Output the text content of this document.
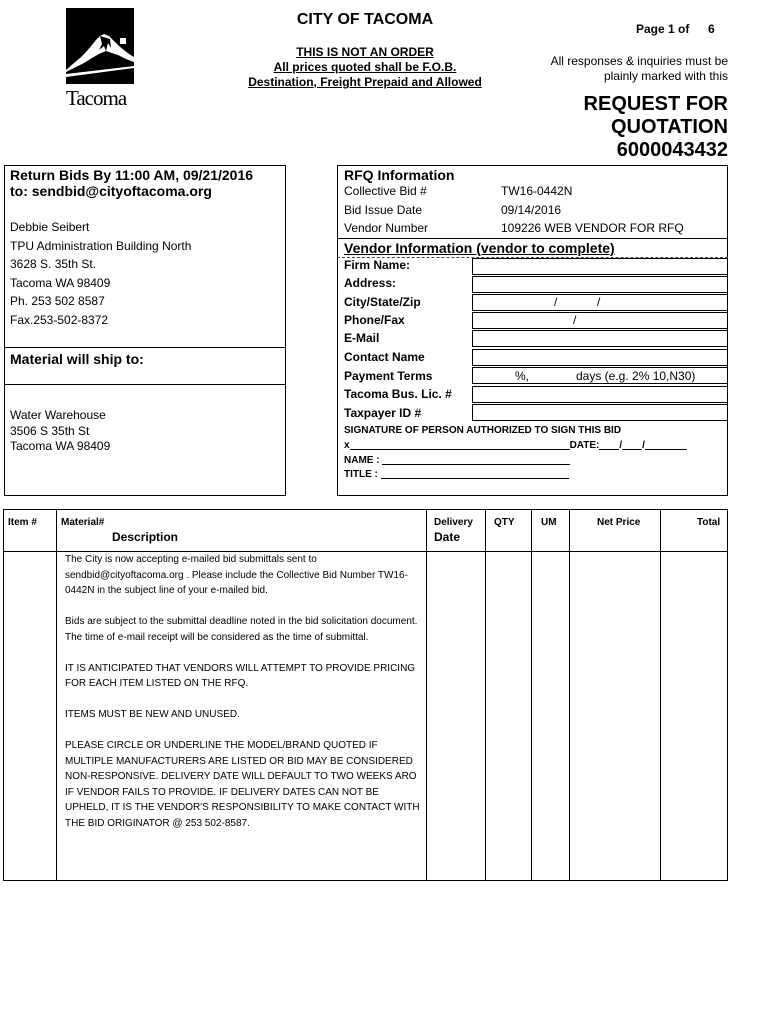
Tacoma
CITY OF TACOMA
THIS IS NOT AN ORDER
All prices quoted shall be F.O.B.
Destination, Freight Prepaid and Allowed
Page 1 of 6
All responses & inquiries must be
plainly marked with this
REQUEST FOR
QUOTATION
6000043432
Return Bids By 11:00 AM, 09/21/2016
to: sendbid@cityoftacoma.org
Debbie Seibert
TPU Administration Building North
3628 S. 35th St.
Tacoma WA 98409
Ph. 253 502 8587
Fax.253-502-8372
Material will ship to:
Water Warehouse
3506 S 35th St
Tacoma WA 98409
RFQ Information
Collective Bid #	TW16-0442N
Bid Issue Date	09/14/2016
Vendor Number	109226 WEB VENDOR FOR RFQ
Vendor Information (vendor to complete)
Firm Name:
Address:
City/State/Zip	/	/
Phone/Fax	/
E-Mail
Contact Name
Payment Terms	%,	days (e.g. 2% 10,N30)
Tacoma Bus. Lic. #
Taxpayer ID #
SIGNATURE OF PERSON AUTHORIZED TO SIGN THIS BID
x	DATE: / /
NAME :
TITLE :
Item # Material#
Description
Delivery
Date
QTY	UM	Net Price	Total

The City is now accepting e-mailed bid submittals sent to sendbid@cityoftacoma.org . Please include the Collective Bid Number TW16-0442N in the subject line of your e-mailed bid.

Bids are subject to the submittal deadline noted in the bid solicitation document. The time of e-mail receipt will be considered as the time of submittal.

IT IS ANTICIPATED THAT VENDORS WILL ATTEMPT TO PROVIDE PRICING FOR EACH ITEM LISTED ON THE RFQ.

ITEMS MUST BE NEW AND UNUSED.

PLEASE CIRCLE OR UNDERLINE THE MODEL/BRAND QUOTED IF MULTIPLE MANUFACTURERS ARE LISTED OR BID MAY BE CONSIDERED NON-RESPONSIVE. DELIVERY DATE WILL DEFAULT TO TWO WEEKS ARO IF VENDOR FAILS TO PROVIDE. IF DELIVERY DATES CAN NOT BE UPHELD, IT IS THE VENDOR'S RESPONSIBILITY TO MAKE CONTACT WITH THE BID ORIGINATOR @ 253 502-8587.
